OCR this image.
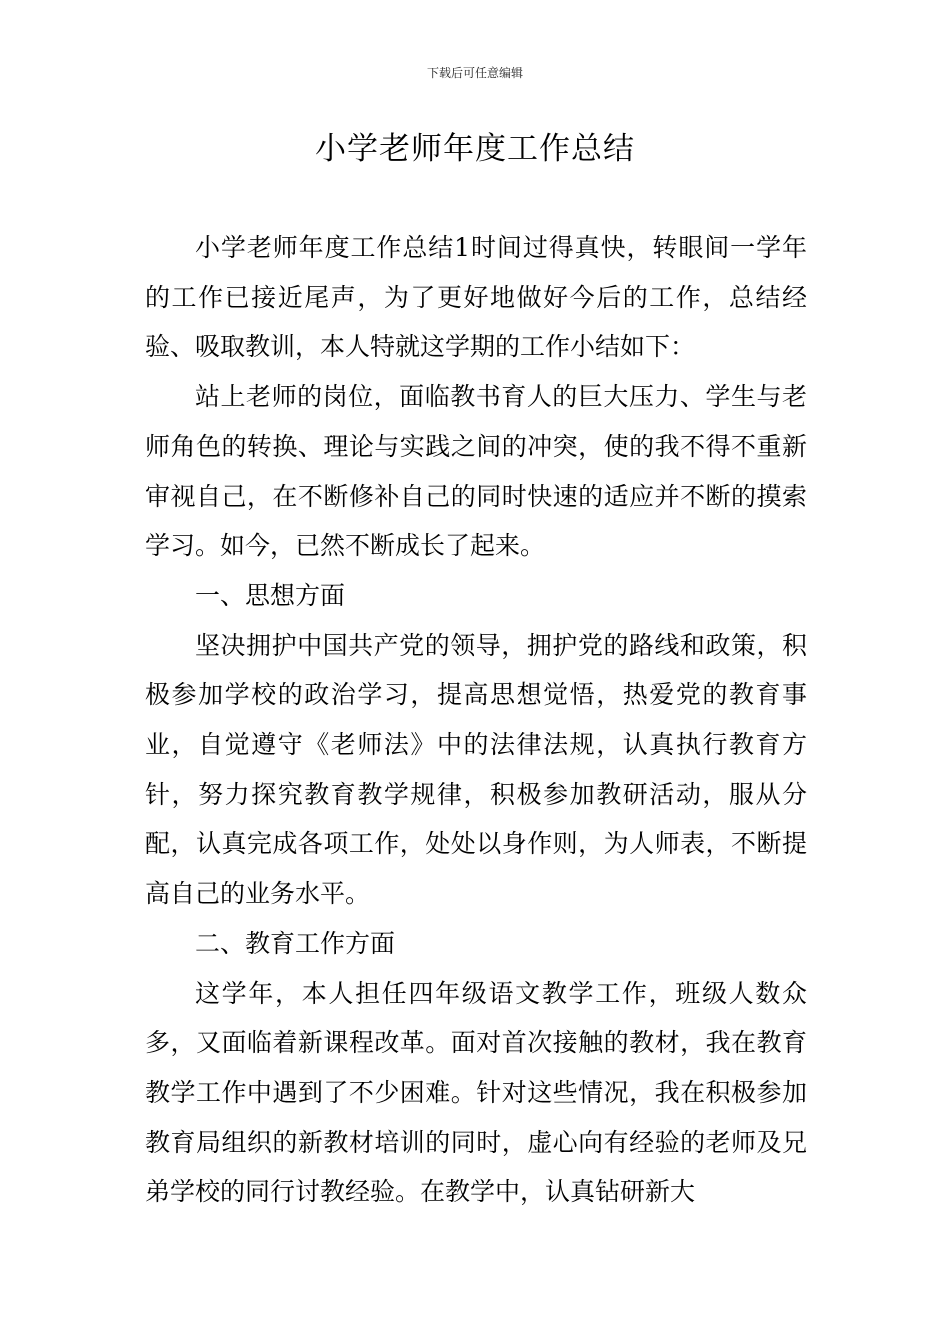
下载后可任意编辑
小学老师年度工作总结

小学老师年度工作总结1时间过得真快，转眼间一学年的工作已接近尾声，为了更好地做好今后的工作，总结经验、吸取教训，本人特就这学期的工作小结如下：

站上老师的岗位，面临教书育人的巨大压力、学生与老师角色的转换、理论与实践之间的冲突，使的我不得不重新审视自己，在不断修补自己的同时快速的适应并不断的摸索学习。如今，已然不断成长了起来。

一、思想方面

坚决拥护中国共产党的领导，拥护党的路线和政策，积极参加学校的政治学习，提高思想觉悟，热爱党的教育事业，自觉遵守《老师法》中的法律法规，认真执行教育方针，努力探究教育教学规律，积极参加教研活动，服从分配，认真完成各项工作，处处以身作则，为人师表，不断提高自己的业务水平。

二、教育工作方面

这学年，本人担任四年级语文教学工作，班级人数众多，又面临着新课程改革。面对首次接触的教材，我在教育教学工作中遇到了不少困难。针对这些情况，我在积极参加教育局组织的新教材培训的同时，虚心向有经验的老师及兄弟学校的同行讨教经验。在教学中，认真钻研新大
